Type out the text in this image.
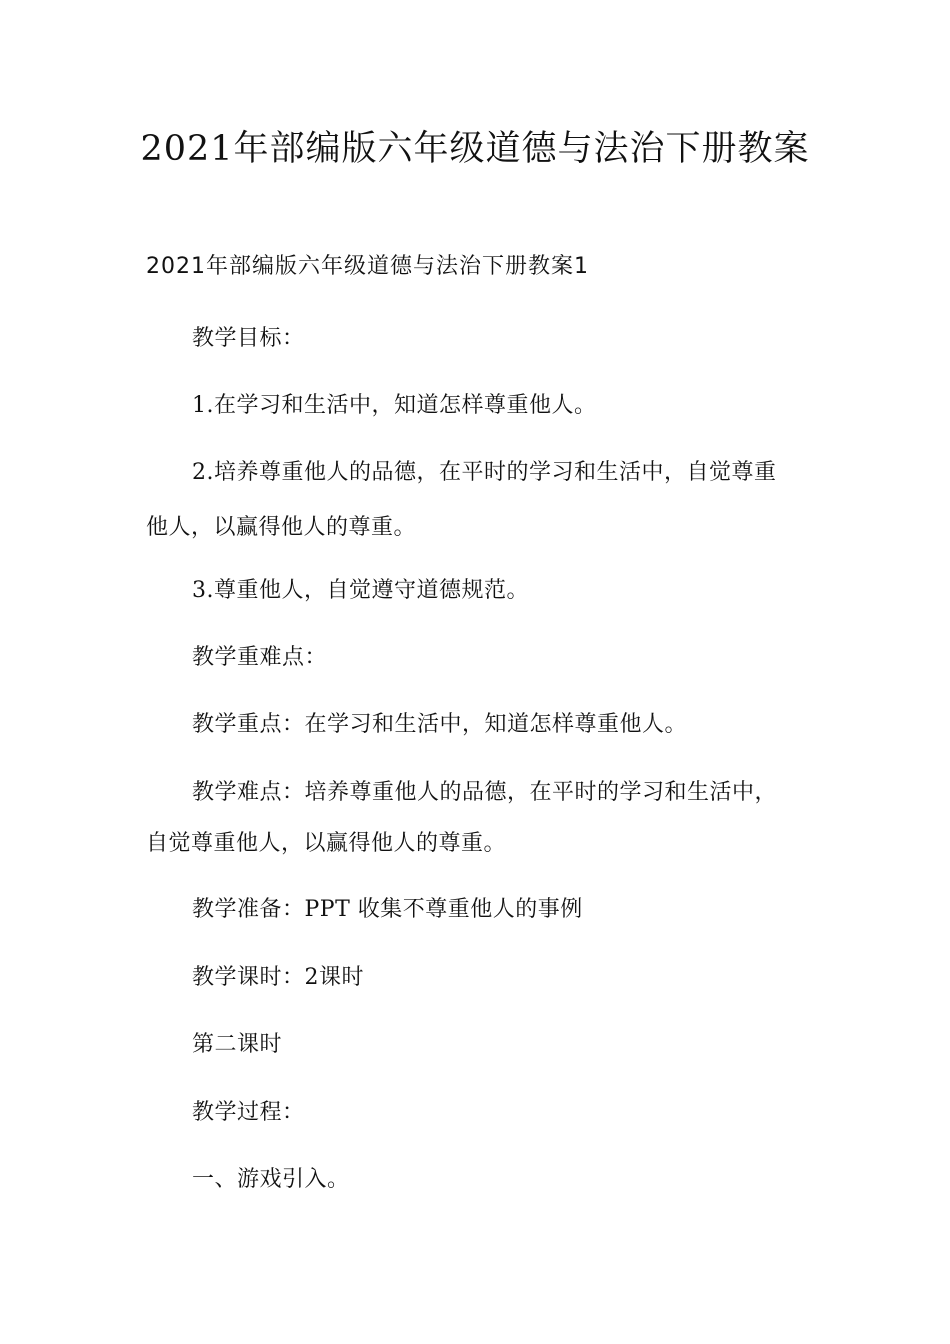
2021年部编版六年级道德与法治下册教案
2021年部编版六年级道德与法治下册教案1
教学目标：
1.在学习和生活中，知道怎样尊重他人。
2.培养尊重他人的品德，在平时的学习和生活中，自觉尊重
他人，以赢得他人的尊重。
3.尊重他人，自觉遵守道德规范。
教学重难点：
教学重点：在学习和生活中，知道怎样尊重他人。
教学难点：培养尊重他人的品德，在平时的学习和生活中，
自觉尊重他人，以赢得他人的尊重。
教学准备：PPT 收集不尊重他人的事例
教学课时：2课时
第二课时
教学过程：
一、游戏引入。
